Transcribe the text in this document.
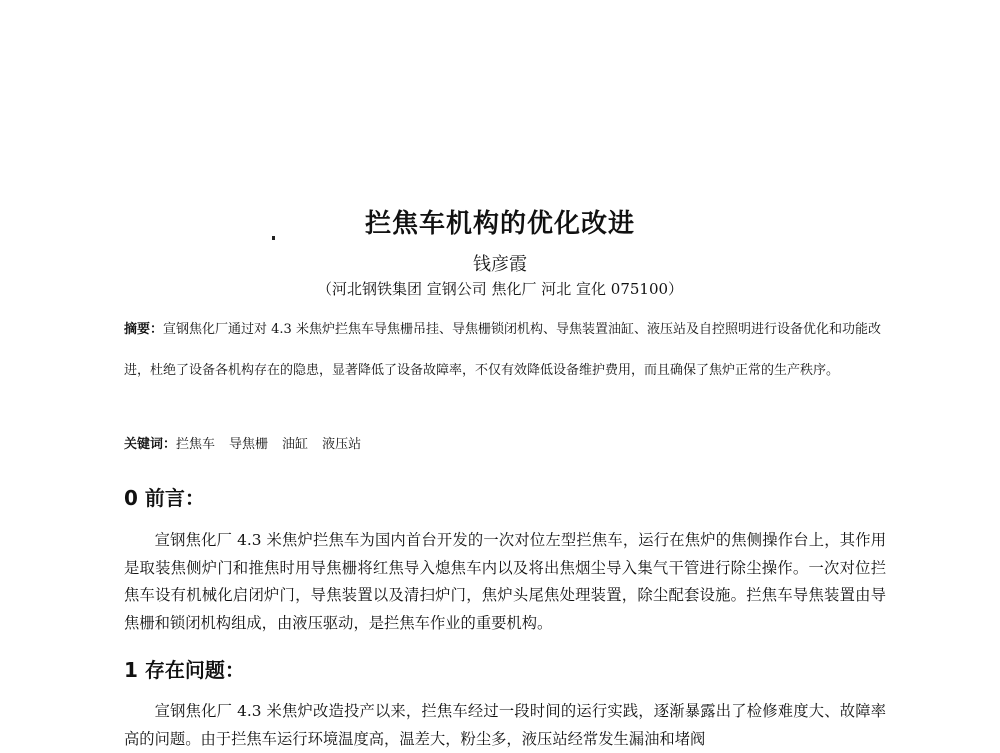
拦焦车机构的优化改进
钱彦霞
（河北钢铁集团 宣钢公司 焦化厂 河北 宣化 075100）

摘要：宣钢焦化厂通过对 4.3 米焦炉拦焦车导焦栅吊挂、导焦栅锁闭机构、导焦装置油缸、液压站及自控照明进行设备优化和功能改进，杜绝了设备各机构存在的隐患，显著降低了设备故障率，不仅有效降低设备维护费用，而且确保了焦炉正常的生产秩序。

关键词：拦焦车 导焦栅 油缸 液压站

0 前言：

宣钢焦化厂 4.3 米焦炉拦焦车为国内首台开发的一次对位左型拦焦车，运行在焦炉的焦侧操作台上，其作用是取装焦侧炉门和推焦时用导焦栅将红焦导入熄焦车内以及将出焦烟尘导入集气干管进行除尘操作。一次对位拦焦车设有机械化启闭炉门，导焦装置以及清扫炉门，焦炉头尾焦处理装置，除尘配套设施。拦焦车导焦装置由导焦栅和锁闭机构组成，由液压驱动，是拦焦车作业的重要机构。

1 存在问题：

宣钢焦化厂 4.3 米焦炉改造投产以来，拦焦车经过一段时间的运行实践，逐渐暴露出了检修难度大、故障率高的问题。由于拦焦车运行环境温度高，温差大，粉尘多，液压站经常发生漏油和堵阀
